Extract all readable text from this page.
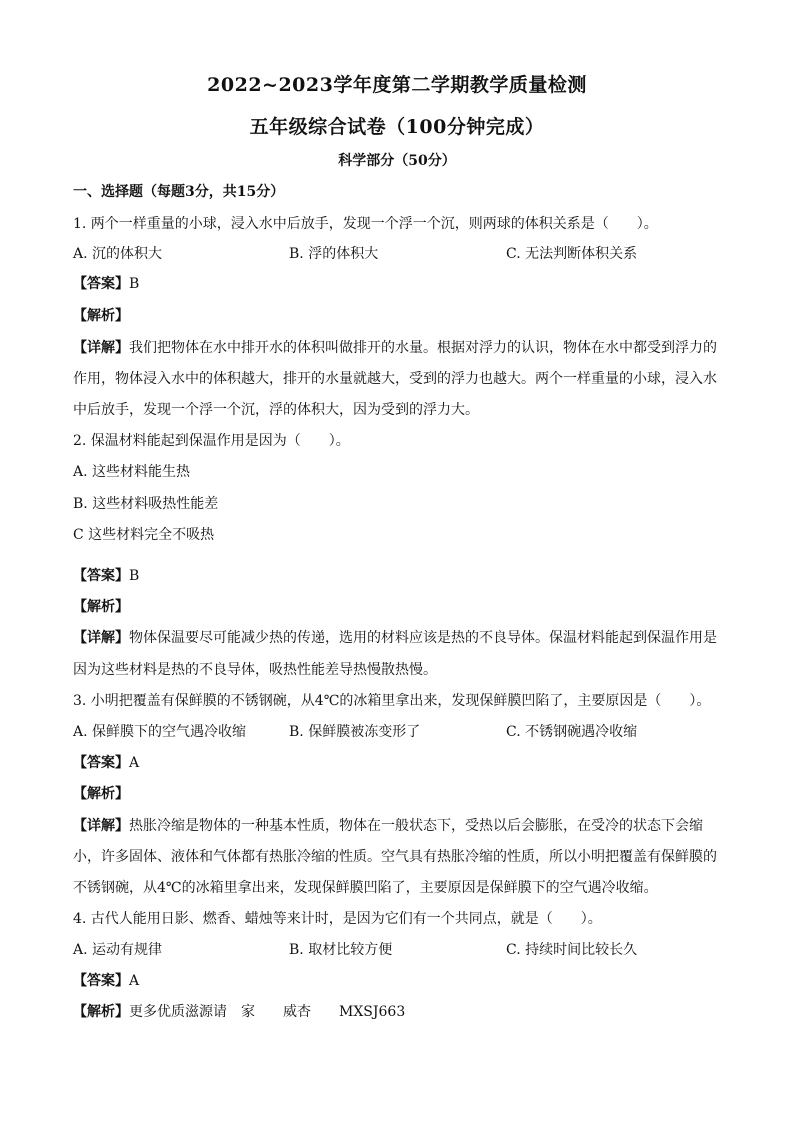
2022~2023学年度第二学期教学质量检测
五年级综合试卷（100分钟完成）
科学部分（50分）
一、选择题（每题3分，共15分）
1. 两个一样重量的小球，浸入水中后放手，发现一个浮一个沉，则两球的体积关系是（　　）。
A. 沉的体积大	B. 浮的体积大	C. 无法判断体积关系
【答案】B
【解析】
【详解】我们把物体在水中排开水的体积叫做排开的水量。根据对浮力的认识，物体在水中都受到浮力的
作用，物体浸入水中的体积越大，排开的水量就越大，受到的浮力也越大。两个一样重量的小球，浸入水
中后放手，发现一个浮一个沉，浮的体积大，因为受到的浮力大。
2. 保温材料能起到保温作用是因为（　　）。
A. 这些材料能生热
B. 这些材料吸热性能差
C 这些材料完全不吸热
【答案】B
【解析】
【详解】物体保温要尽可能减少热的传递，选用的材料应该是热的不良导体。保温材料能起到保温作用是
因为这些材料是热的不良导体，吸热性能差导热慢散热慢。
3. 小明把覆盖有保鲜膜的不锈钢碗，从4℃的冰箱里拿出来，发现保鲜膜凹陷了，主要原因是（　　）。
A. 保鲜膜下的空气遇冷收缩	B. 保鲜膜被冻变形了	C. 不锈钢碗遇冷收缩
【答案】A
【解析】
【详解】热胀冷缩是物体的一种基本性质，物体在一般状态下，受热以后会膨胀，在受冷的状态下会缩
小，许多固体、液体和气体都有热胀冷缩的性质。空气具有热胀冷缩的性质，所以小明把覆盖有保鲜膜的
不锈钢碗，从4℃的冰箱里拿出来，发现保鲜膜凹陷了，主要原因是保鲜膜下的空气遇冷收缩。
4. 古代人能用日影、燃香、蜡烛等来计时，是因为它们有一个共同点，就是（　　）。
A. 运动有规律	B. 取材比较方便	C. 持续时间比较长久
【答案】A
【解析】更多优质滋源请　家　　威杏　　MXSJ663
